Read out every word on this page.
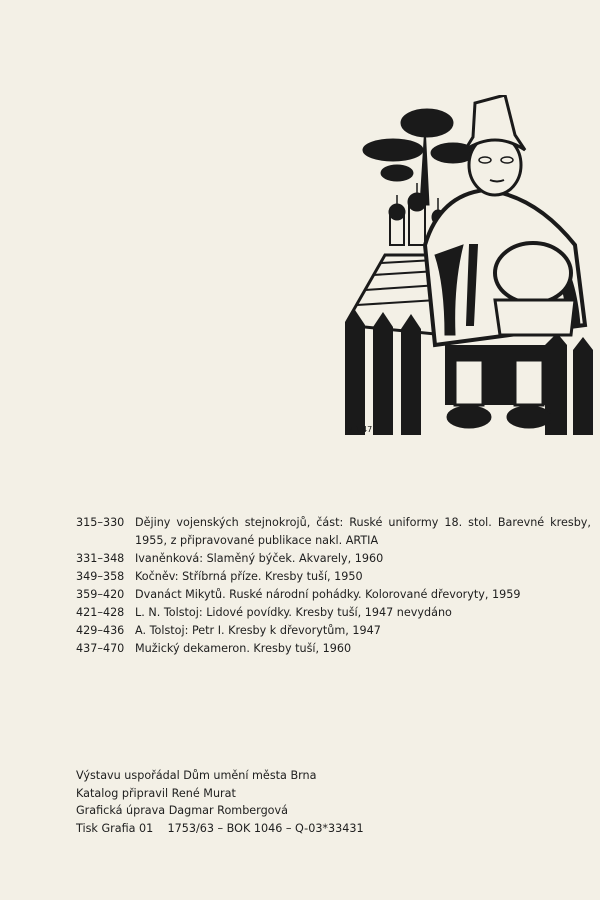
MR 47
315–330 Dějiny vojenských stejnokrojů, část: Ruské uniformy 18. stol. Barevné kresby, 1955, z připravované publikace nakl. ARTIA
331–348 Ivaněnková: Slaměný býček. Akvarely, 1960
349–358 Kočněv: Stříbrná příze. Kresby tuší, 1950
359–420 Dvanáct Mikytů. Ruské národní pohádky. Kolorované dřevoryty, 1959
421–428 L. N. Tolstoj: Lidové povídky. Kresby tuší, 1947 nevydáno
429–436 A. Tolstoj: Petr I. Kresby k dřevorytům, 1947
437–470 Mužický dekameron. Kresby tuší, 1960
Výstavu uspořádal Dům umění města Brna
Katalog připravil René Murat
Grafická úprava Dagmar Rombergová
Tisk Grafia 01    1753/63 – BOK 1046 – Q-03*33431
